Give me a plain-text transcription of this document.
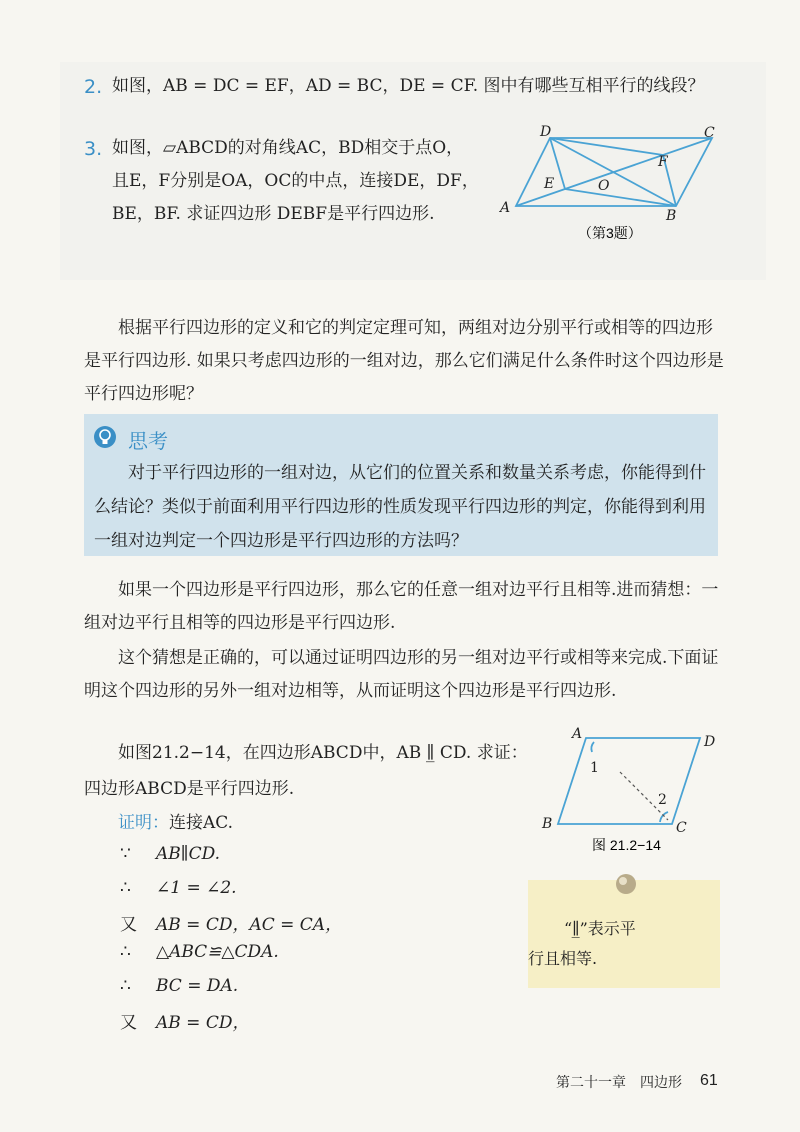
2. 如图，AB = DC = EF，AD = BC，DE = CF. 图中有哪些互相平行的线段？
3. 如图，▱ABCD的对角线AC，BD相交于点O，
且E，F分别是OA，OC的中点，连接DE，DF，
BE，BF. 求证四边形 DEBF是平行四边形.
D	C
A	B
E
F
O
（第3题）
根据平行四边形的定义和它的判定定理可知，两组对边分别平行或相等的四边形是平行四边形. 如果只考虑四边形的一组对边，那么它们满足什么条件时这个四边形是平行四边形呢？
思考
对于平行四边形的一组对边，从它们的位置关系和数量关系考虑，你能得到什么结论？类似于前面利用平行四边形的性质发现平行四边形的判定，你能得到利用一组对边判定一个四边形是平行四边形的方法吗？
如果一个四边形是平行四边形，那么它的任意一组对边平行且相等.进而猜想：一组对边平行且相等的四边形是平行四边形.
这个猜想是正确的，可以通过证明四边形的另一组对边平行或相等来完成.下面证明这个四边形的另外一组对边相等，从而证明这个四边形是平行四边形.
如图21.2−14，在四边形ABCD中，AB ∥̲ CD. 求证：
四边形ABCD是平行四边形.
A	D
B	C
1
2
图 21.2−14
证明：连接AC.
∵ AB∥CD.
∴ ∠1 = ∠2.
又 AB = CD，AC = CA，
∴ △ABC≌△CDA.
∴ BC = DA.
又 AB = CD，
“∥̲”表示平
行且相等.
第二十一章　四边形 61
